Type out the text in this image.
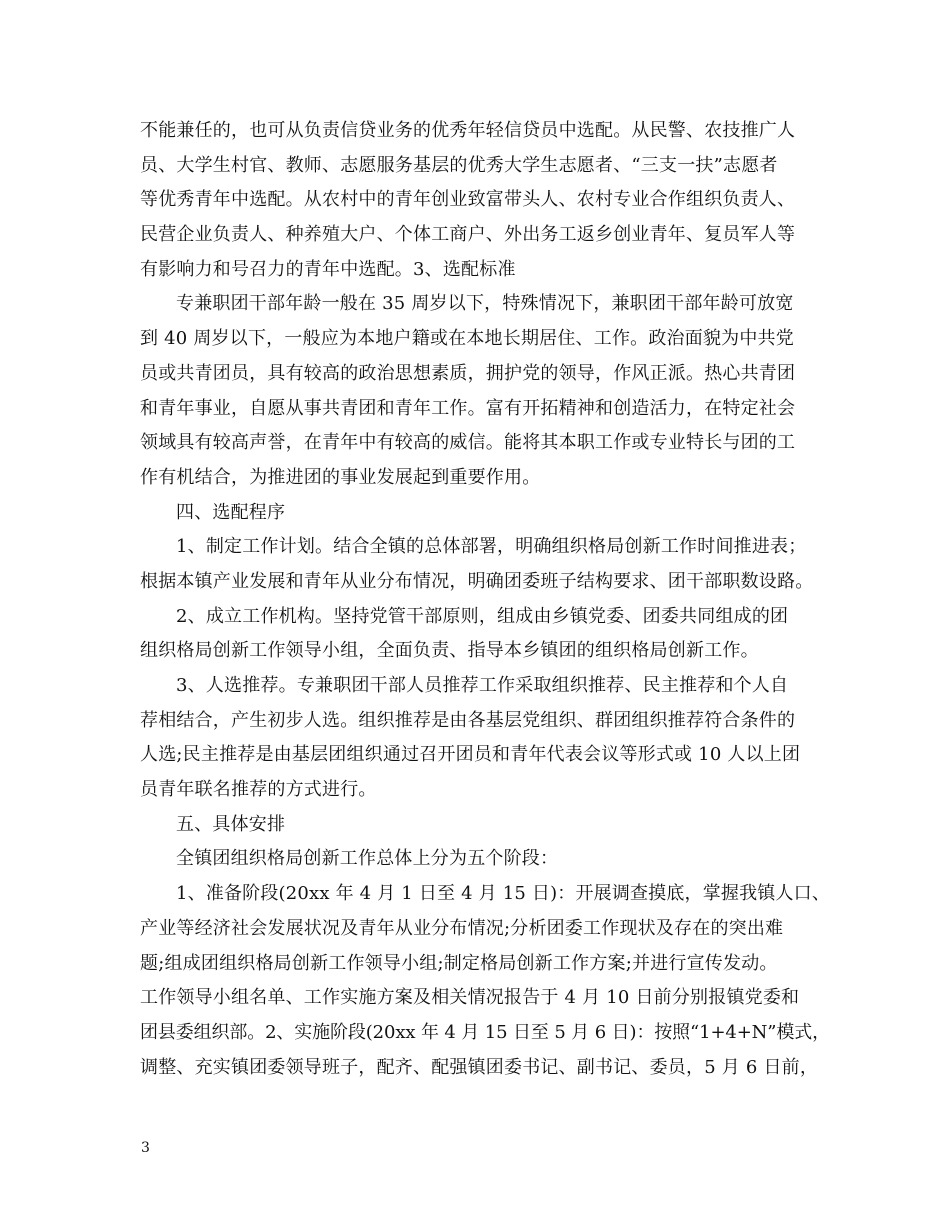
不能兼任的，也可从负责信贷业务的优秀年轻信贷员中选配。从民警、农技推广人
员、大学生村官、教师、志愿服务基层的优秀大学生志愿者、“三支一扶”志愿者
等优秀青年中选配。从农村中的青年创业致富带头人、农村专业合作组织负责人、
民营企业负责人、种养殖大户、个体工商户、外出务工返乡创业青年、复员军人等
有影响力和号召力的青年中选配。3、选配标准
专兼职团干部年龄一般在 35 周岁以下，特殊情况下，兼职团干部年龄可放宽
到 40 周岁以下，一般应为本地户籍或在本地长期居住、工作。政治面貌为中共党
员或共青团员，具有较高的政治思想素质，拥护党的领导，作风正派。热心共青团
和青年事业，自愿从事共青团和青年工作。富有开拓精神和创造活力，在特定社会
领域具有较高声誉，在青年中有较高的威信。能将其本职工作或专业特长与团的工
作有机结合，为推进团的事业发展起到重要作用。
四、选配程序
1、制定工作计划。结合全镇的总体部署，明确组织格局创新工作时间推进表；
根据本镇产业发展和青年从业分布情况，明确团委班子结构要求、团干部职数设路。
2、成立工作机构。坚持党管干部原则，组成由乡镇党委、团委共同组成的团
组织格局创新工作领导小组，全面负责、指导本乡镇团的组织格局创新工作。
3、人选推荐。专兼职团干部人员推荐工作采取组织推荐、民主推荐和个人自
荐相结合，产生初步人选。组织推荐是由各基层党组织、群团组织推荐符合条件的
人选;民主推荐是由基层团组织通过召开团员和青年代表会议等形式或 10 人以上团
员青年联名推荐的方式进行。
五、具体安排
全镇团组织格局创新工作总体上分为五个阶段：
1、准备阶段(20xx 年 4 月 1 日至 4 月 15 日)：开展调查摸底，掌握我镇人口、
产业等经济社会发展状况及青年从业分布情况;分析团委工作现状及存在的突出难
题;组成团组织格局创新工作领导小组;制定格局创新工作方案;并进行宣传发动。
工作领导小组名单、工作实施方案及相关情况报告于 4 月 10 日前分别报镇党委和
团县委组织部。2、实施阶段(20xx 年 4 月 15 日至 5 月 6 日)：按照“1+4+N”模式，
调整、充实镇团委领导班子，配齐、配强镇团委书记、副书记、委员，5 月 6 日前，
3
